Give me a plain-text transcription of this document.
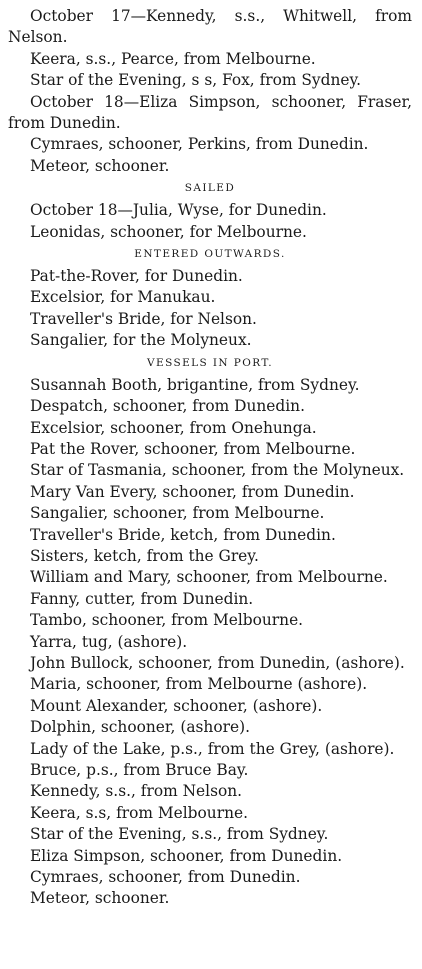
October 17—Kennedy, s.s., Whitwell, from Nelson.

Keera, s.s., Pearce, from Melbourne.

Star of the Evening, s s, Fox, from Sydney.

October 18—Eliza Simpson, schooner, Fraser, from Dunedin.

Cymraes, schooner, Perkins, from Dunedin.

Meteor, schooner.

SAILED

October 18—Julia, Wyse, for Dunedin.

Leonidas, schooner, for Melbourne.

ENTERED OUTWARDS.

Pat-the-Rover, for Dunedin.

Excelsior, for Manukau.

Traveller's Bride, for Nelson.

Sangalier, for the Molyneux.

VESSELS IN PORT.

Susannah Booth, brigantine, from Sydney.

Despatch, schooner, from Dunedin.

Excelsior, schooner, from Onehunga.

Pat the Rover, schooner, from Melbourne.

Star of Tasmania, schooner, from the Molyneux.

Mary Van Every, schooner, from Dunedin.

Sangalier, schooner, from Melbourne.

Traveller's Bride, ketch, from Dunedin.

Sisters, ketch, from the Grey.

William and Mary, schooner, from Melbourne.

Fanny, cutter, from Dunedin.

Tambo, schooner, from Melbourne.

Yarra, tug, (ashore).

John Bullock, schooner, from Dunedin, (ashore).

Maria, schooner, from Melbourne (ashore).

Mount Alexander, schooner, (ashore).

Dolphin, schooner, (ashore).

Lady of the Lake, p.s., from the Grey, (ashore).

Bruce, p.s., from Bruce Bay.

Kennedy, s.s., from Nelson.

Keera, s.s, from Melbourne.

Star of the Evening, s.s., from Sydney.

Eliza Simpson, schooner, from Dunedin.

Cymraes, schooner, from Dunedin.

Meteor, schooner.
